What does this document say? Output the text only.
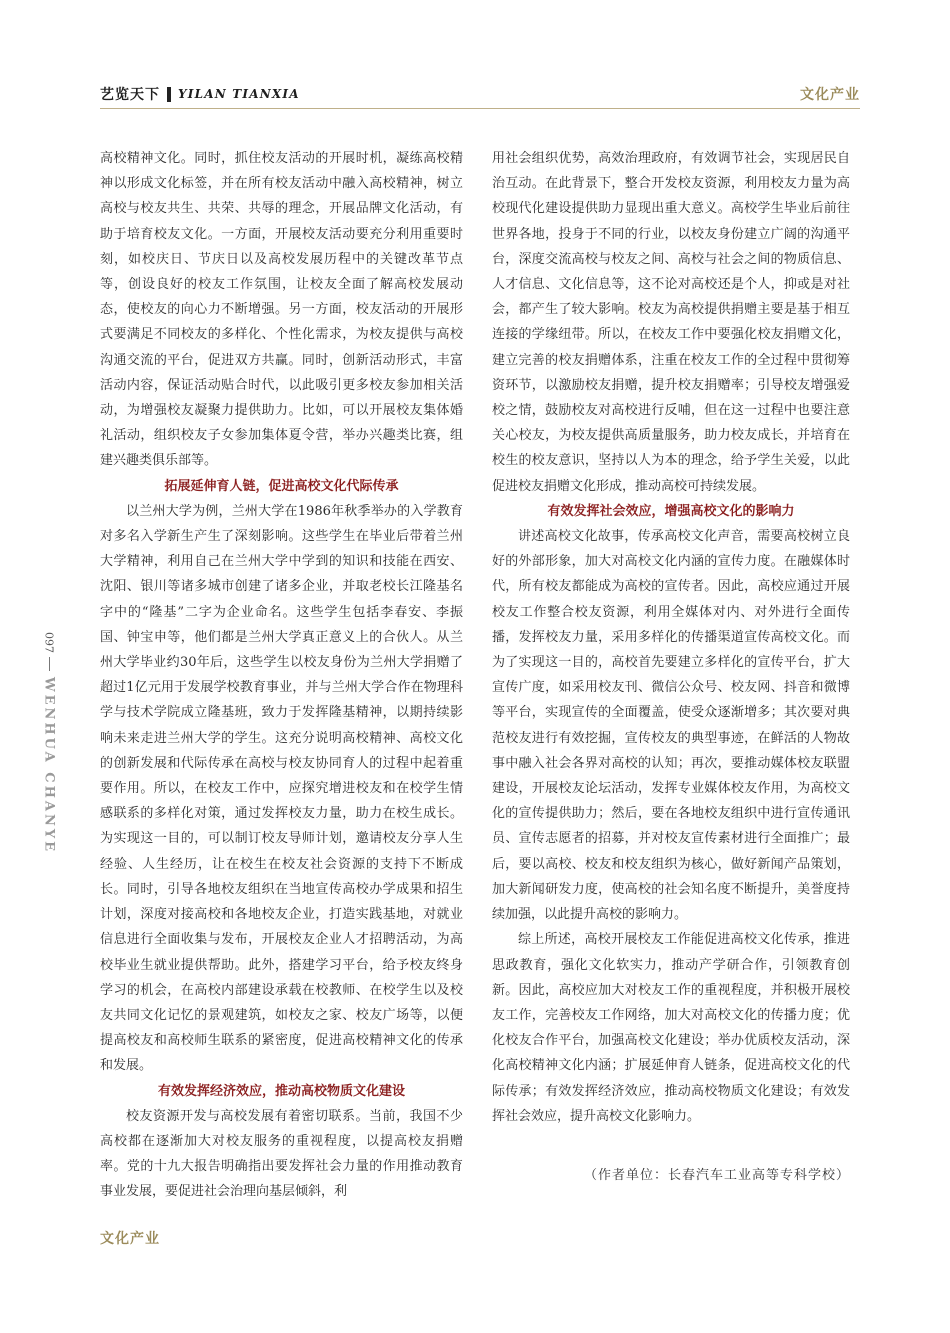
艺览天下 YILAN TIANXIA	文化产业
097
WENHUA CHANYE

高校精神文化。同时，抓住校友活动的开展时机，凝练高校精神以形成文化标签，并在所有校友活动中融入高校精神，树立高校与校友共生、共荣、共辱的理念，开展品牌文化活动，有助于培育校友文化。一方面，开展校友活动要充分利用重要时刻，如校庆日、节庆日以及高校发展历程中的关键改革节点等，创设良好的校友工作氛围，让校友全面了解高校发展动态，使校友的向心力不断增强。另一方面，校友活动的开展形式要满足不同校友的多样化、个性化需求，为校友提供与高校沟通交流的平台，促进双方共赢。同时，创新活动形式，丰富活动内容，保证活动贴合时代，以此吸引更多校友参加相关活动，为增强校友凝聚力提供助力。比如，可以开展校友集体婚礼活动，组织校友子女参加集体夏令营，举办兴趣类比赛，组建兴趣类俱乐部等。

拓展延伸育人链，促进高校文化代际传承

以兰州大学为例，兰州大学在1986年秋季举办的入学教育对多名入学新生产生了深刻影响。这些学生在毕业后带着兰州大学精神，利用自己在兰州大学中学到的知识和技能在西安、沈阳、银川等诸多城市创建了诸多企业，并取老校长江隆基名字中的“隆基”二字为企业命名。这些学生包括李春安、李振国、钟宝申等，他们都是兰州大学真正意义上的合伙人。从兰州大学毕业约30年后，这些学生以校友身份为兰州大学捐赠了超过1亿元用于发展学校教育事业，并与兰州大学合作在物理科学与技术学院成立隆基班，致力于发挥隆基精神，以期持续影响未来走进兰州大学的学生。这充分说明高校精神、高校文化的创新发展和代际传承在高校与校友协同育人的过程中起着重要作用。所以，在校友工作中，应探究增进校友和在校学生情感联系的多样化对策，通过发挥校友力量，助力在校生成长。为实现这一目的，可以制订校友导师计划，邀请校友分享人生经验、人生经历，让在校生在校友社会资源的支持下不断成长。同时，引导各地校友组织在当地宣传高校办学成果和招生计划，深度对接高校和各地校友企业，打造实践基地，对就业信息进行全面收集与发布，开展校友企业人才招聘活动，为高校毕业生就业提供帮助。此外，搭建学习平台，给予校友终身学习的机会，在高校内部建设承载在校教师、在校学生以及校友共同文化记忆的景观建筑，如校友之家、校友广场等，以便提高校友和高校师生联系的紧密度，促进高校精神文化的传承和发展。

有效发挥经济效应，推动高校物质文化建设

校友资源开发与高校发展有着密切联系。当前，我国不少高校都在逐渐加大对校友服务的重视程度，以提高校友捐赠率。党的十九大报告明确指出要发挥社会力量的作用推动教育事业发展，要促进社会治理向基层倾斜，利

用社会组织优势，高效治理政府，有效调节社会，实现居民自治互动。在此背景下，整合开发校友资源，利用校友力量为高校现代化建设提供助力显现出重大意义。高校学生毕业后前往世界各地，投身于不同的行业，以校友身份建立广阔的沟通平台，深度交流高校与校友之间、高校与社会之间的物质信息、人才信息、文化信息等，这不论对高校还是个人，抑或是对社会，都产生了较大影响。校友为高校提供捐赠主要是基于相互连接的学缘纽带。所以，在校友工作中要强化校友捐赠文化，建立完善的校友捐赠体系，注重在校友工作的全过程中贯彻筹资环节，以激励校友捐赠，提升校友捐赠率；引导校友增强爱校之情，鼓励校友对高校进行反哺，但在这一过程中也要注意关心校友，为校友提供高质量服务，助力校友成长，并培育在校生的校友意识，坚持以人为本的理念，给予学生关爱，以此促进校友捐赠文化形成，推动高校可持续发展。

有效发挥社会效应，增强高校文化的影响力

讲述高校文化故事，传承高校文化声音，需要高校树立良好的外部形象，加大对高校文化内涵的宣传力度。在融媒体时代，所有校友都能成为高校的宣传者。因此，高校应通过开展校友工作整合校友资源，利用全媒体对内、对外进行全面传播，发挥校友力量，采用多样化的传播渠道宣传高校文化。而为了实现这一目的，高校首先要建立多样化的宣传平台，扩大宣传广度，如采用校友刊、微信公众号、校友网、抖音和微博等平台，实现宣传的全面覆盖，使受众逐渐增多；其次要对典范校友进行有效挖掘，宣传校友的典型事迹，在鲜活的人物故事中融入社会各界对高校的认知；再次，要推动媒体校友联盟建设，开展校友论坛活动，发挥专业媒体校友作用，为高校文化的宣传提供助力；然后，要在各地校友组织中进行宣传通讯员、宣传志愿者的招募，并对校友宣传素材进行全面推广；最后，要以高校、校友和校友组织为核心，做好新闻产品策划，加大新闻研发力度，使高校的社会知名度不断提升，美誉度持续加强，以此提升高校的影响力。

综上所述，高校开展校友工作能促进高校文化传承，推进思政教育，强化文化软实力，推动产学研合作，引领教育创新。因此，高校应加大对校友工作的重视程度，并积极开展校友工作，完善校友工作网络，加大对高校文化的传播力度；优化校友合作平台，加强高校文化建设；举办优质校友活动，深化高校精神文化内涵；扩展延伸育人链条，促进高校文化的代际传承；有效发挥经济效应，推动高校物质文化建设；有效发挥社会效应，提升高校文化影响力。

（作者单位：长春汽车工业高等专科学校）
文化产业
